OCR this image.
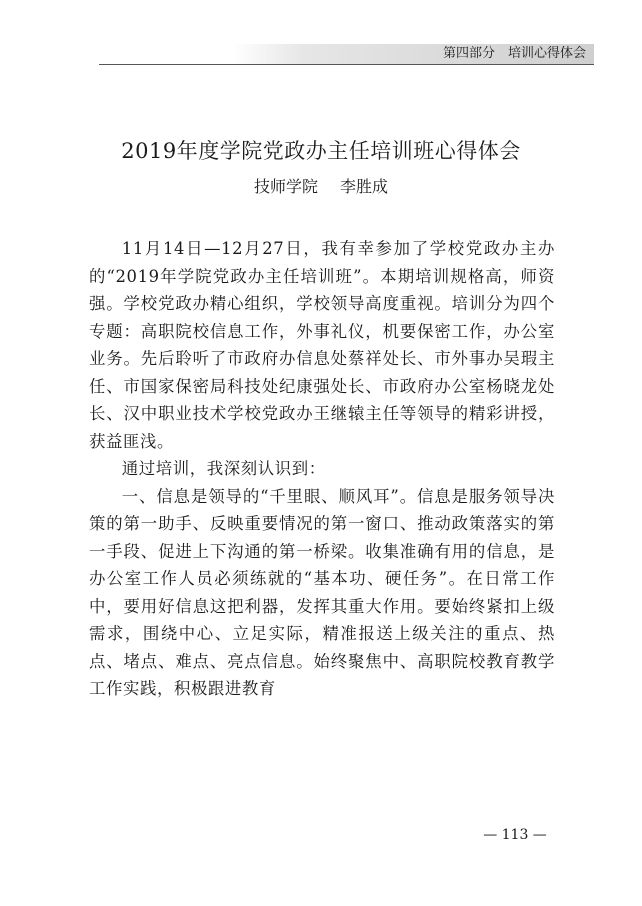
第四部分　培训心得体会
2019年度学院党政办主任培训班心得体会
技师学院 李胜成

11月14日—12月27日，我有幸参加了学校党政办主办的“2019年学院党政办主任培训班”。本期培训规格高，师资强。学校党政办精心组织，学校领导高度重视。培训分为四个专题：高职院校信息工作，外事礼仪，机要保密工作，办公室业务。先后聆听了市政府办信息处蔡祥处长、市外事办吴瑕主任、市国家保密局科技处纪康强处长、市政府办公室杨晓龙处长、汉中职业技术学校党政办王继辕主任等领导的精彩讲授，获益匪浅。

通过培训，我深刻认识到：

一、信息是领导的“千里眼、顺风耳”。信息是服务领导决策的第一助手、反映重要情况的第一窗口、推动政策落实的第一手段、促进上下沟通的第一桥梁。收集准确有用的信息，是办公室工作人员必须练就的“基本功、硬任务”。在日常工作中，要用好信息这把利器，发挥其重大作用。要始终紧扣上级需求，围绕中心、立足实际，精准报送上级关注的重点、热点、堵点、难点、亮点信息。始终聚焦中、高职院校教育教学工作实践，积极跟进教育

— 113 —
